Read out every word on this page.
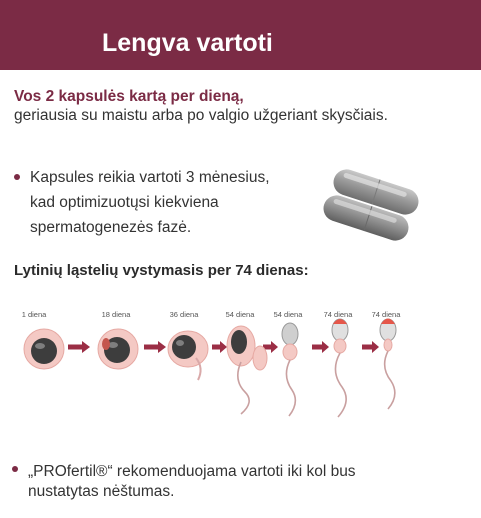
Lengva vartoti
Vos 2 kapsulės kartą per dieną,
geriausia su maistu arba po valgio užgeriant skysčiais.
Kapsules reikia vartoti 3 mėnesius,
kad optimizuotųsi kiekviena
spermatogenezės fazė.
Lytinių ląstelių vystymasis per 74 dienas:
1 diena	18 diena	36 diena	54 diena	54 diena	74 diena	74 diena
„PROfertil®“ rekomenduojama vartoti iki kol bus
nustatytas nėštumas.
